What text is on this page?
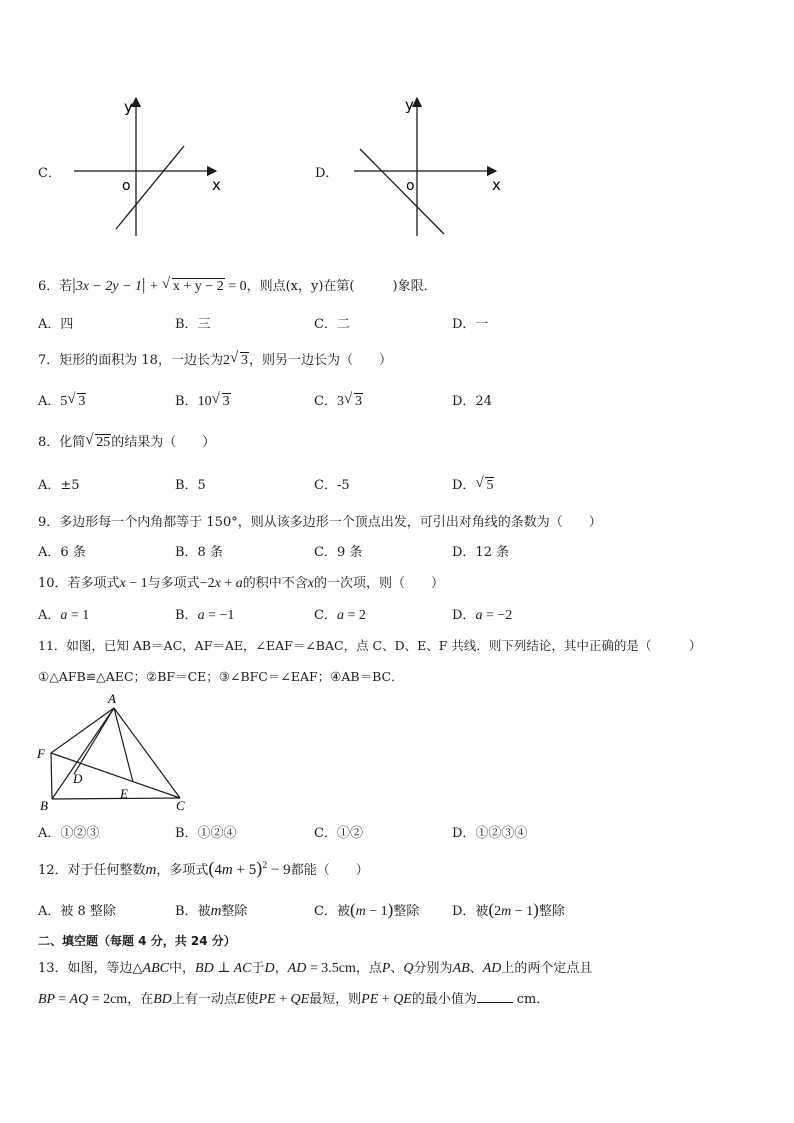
C．
y
o	x
D．
y
o	x
6．若|3x − 2y − 1| + √ x + y − 2 = 0，则点(x，y)在第(	)象限．
A．四	B．三	C．二	D．一
7．矩形的面积为 18，一边长为2 √ 3，则另一边长为（　　）
A．5 √ 3	B．10 √ 3	C．3 √ 3	D．24
8．化简 √ 25的结果为（　　）
A．±5	B．5	C．-5	D． √ 5
9．多边形每一个内角都等于 150°，则从该多边形一个顶点出发，可引出对角线的条数为（　　）
A．6 条	B．8 条	C．9 条	D．12 条
10．若多项式x − 1与多项式−2x + a的积中不含x的一次项，则（　　）
A．a = 1	B．a = −1	C．a = 2	D．a = −2
11．如图，已知 AB＝AC，AF＝AE，∠EAF＝∠BAC，点 C、D、E、F 共线．则下列结论，其中正确的是（　　　）
①△AFB≌△AEC；②BF＝CE；③∠BFC＝∠EAF；④AB＝BC．
A
F
D
E
B	C
A．①②③	B．①②④	C．①②	D．①②③④
12．对于任何整数m，多项式$(4m + 5)^2 - 9$都能（　　）
A．被 8 整除	B．被m整除	C．被(m − 1)整除	D．被(2m − 1)整除
二、填空题（每题 4 分，共 24 分）
13．如图，等边△ABC中，BD ⊥ AC于D，AD = 3.5cm，点P、Q分别为AB、AD上的两个定点且
BP = AQ = 2cm，在BD上有一动点E使PE + QE最短，则PE + QE的最小值为	cm．
